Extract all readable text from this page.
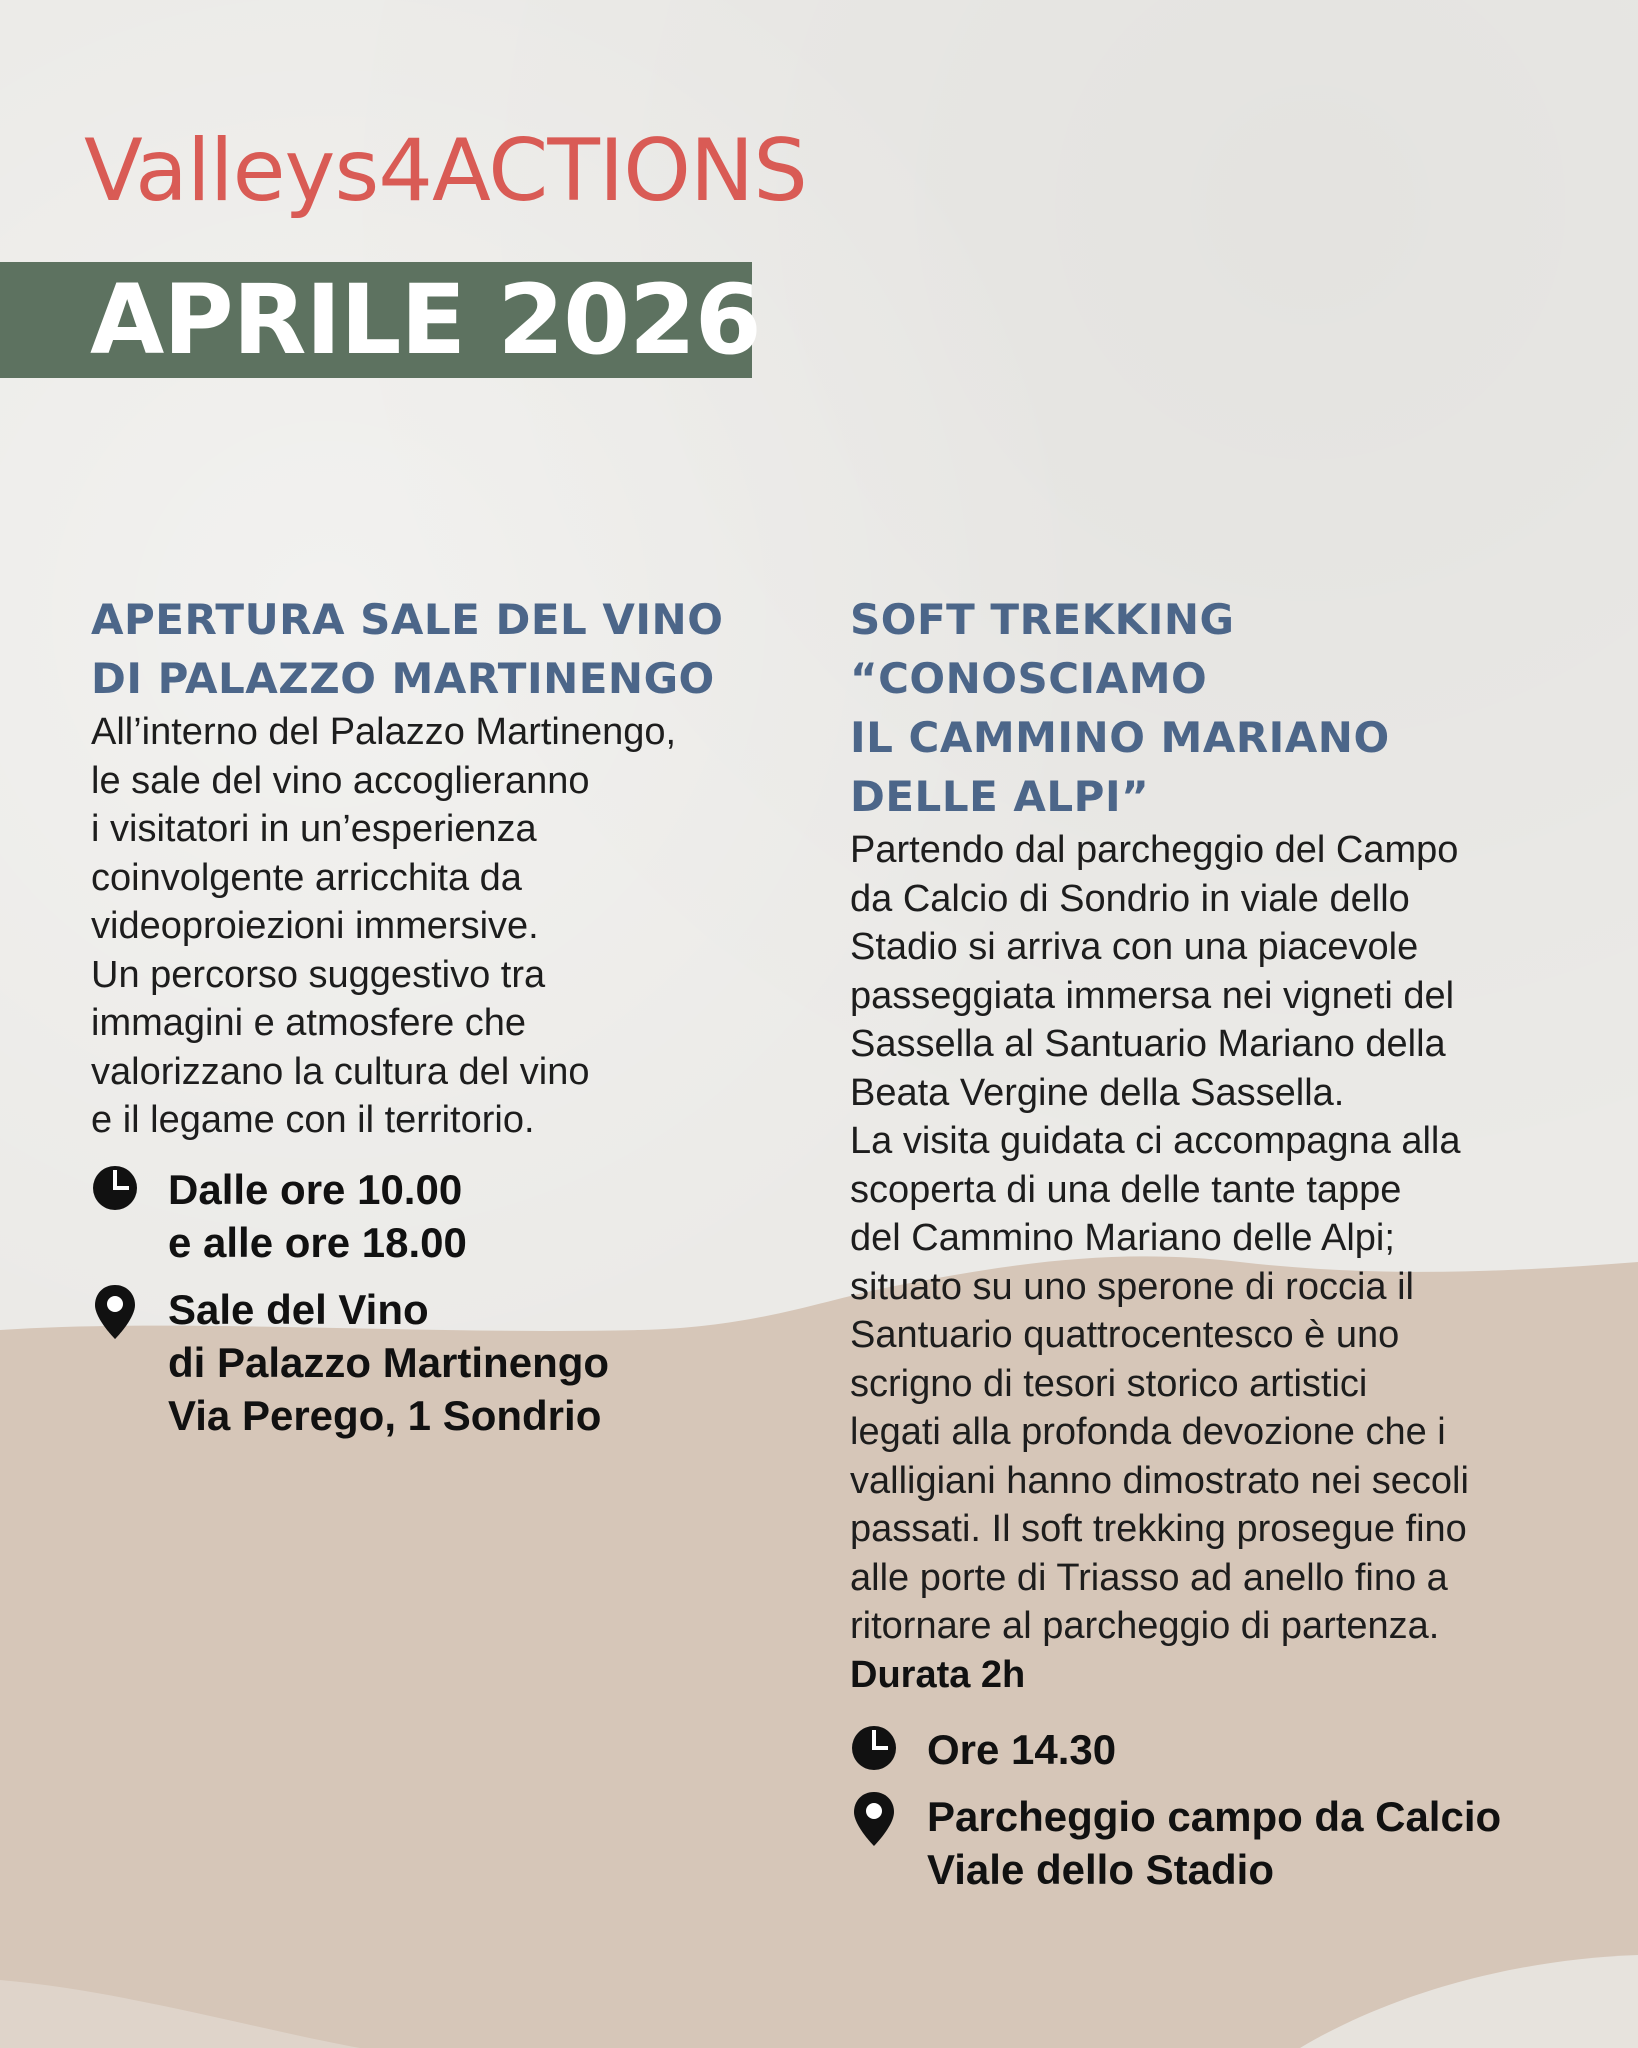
Valleys4ACTIONS
APRILE 2026
APERTURA SALE DEL VINO
DI PALAZZO MARTINENGO
All’interno del Palazzo Martinengo,
le sale del vino accoglieranno
i visitatori in un’esperienza
coinvolgente arricchita da
videoproiezioni immersive.
Un percorso suggestivo tra
immagini e atmosfere che
valorizzano la cultura del vino
e il legame con il territorio.
Dalle ore 10.00
e alle ore 18.00
Sale del Vino
di Palazzo Martinengo
Via Perego, 1 Sondrio
SOFT TREKKING
“CONOSCIAMO
IL CAMMINO MARIANO
DELLE ALPI”
Partendo dal parcheggio del Campo
da Calcio di Sondrio in viale dello
Stadio si arriva con una piacevole
passeggiata immersa nei vigneti del
Sassella al Santuario Mariano della
Beata Vergine della Sassella.
La visita guidata ci accompagna alla
scoperta di una delle tante tappe
del Cammino Mariano delle Alpi;
situato su uno sperone di roccia il
Santuario quattrocentesco è uno
scrigno di tesori storico artistici
legati alla profonda devozione che i
valligiani hanno dimostrato nei secoli
passati. Il soft trekking prosegue fino
alle porte di Triasso ad anello fino a
ritornare al parcheggio di partenza.
Durata 2h
Ore 14.30
Parcheggio campo da Calcio
Viale dello Stadio
